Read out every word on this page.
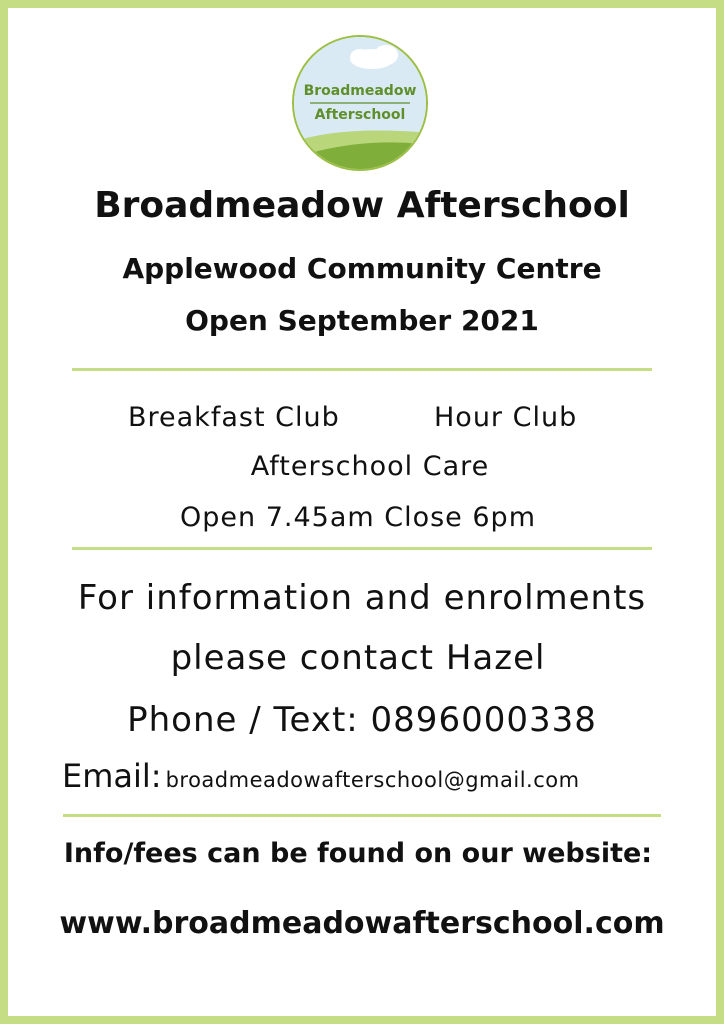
Broadmeadow
Afterschool
Broadmeadow Afterschool
Applewood Community Centre
Open September 2021
Breakfast Club	Hour Club
Afterschool Care
Open 7.45am Close 6pm
For information and enrolments
please contact Hazel
Phone / Text: 0896000338
Email: broadmeadowafterschool@gmail.com
Info/fees can be found on our website:
www.broadmeadowafterschool.com
